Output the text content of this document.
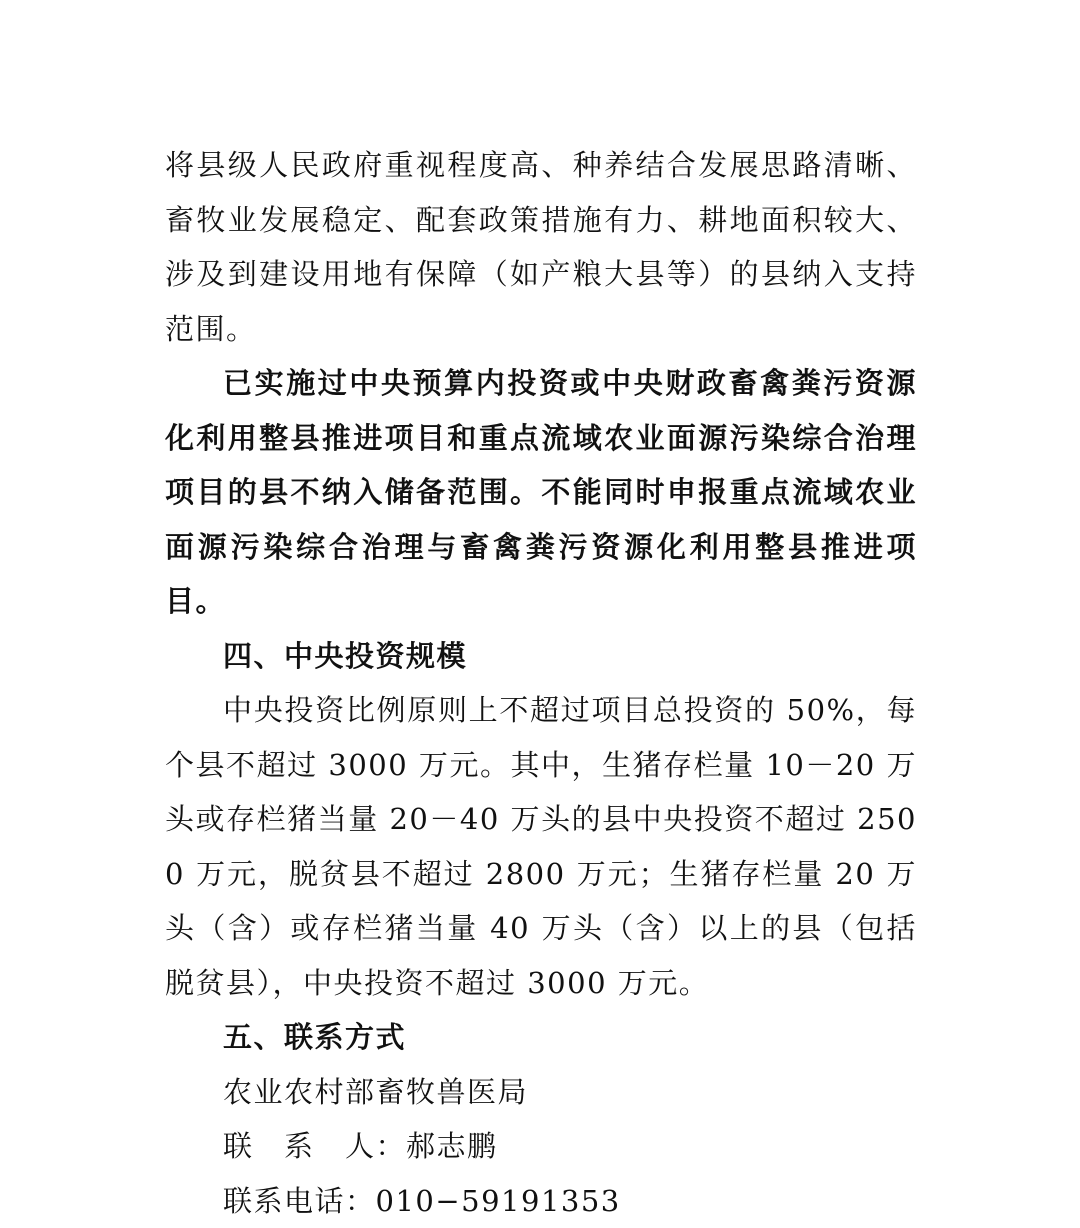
将县级人民政府重视程度高、种养结合发展思路清晰、畜牧业发展稳定、配套政策措施有力、耕地面积较大、涉及到建设用地有保障（如产粮大县等）的县纳入支持范围。

已实施过中央预算内投资或中央财政畜禽粪污资源化利用整县推进项目和重点流域农业面源污染综合治理项目的县不纳入储备范围。不能同时申报重点流域农业面源污染综合治理与畜禽粪污资源化利用整县推进项目。

四、中央投资规模

中央投资比例原则上不超过项目总投资的 50%，每个县不超过 3000 万元。其中，生猪存栏量 10－20 万头或存栏猪当量 20－40 万头的县中央投资不超过 2500 万元，脱贫县不超过 2800 万元；生猪存栏量 20 万头（含）或存栏猪当量 40 万头（含）以上的县（包括脱贫县），中央投资不超过 3000 万元。

五、联系方式

农业农村部畜牧兽医局

联　系　人：郝志鹏

联系电话：010−59191353
